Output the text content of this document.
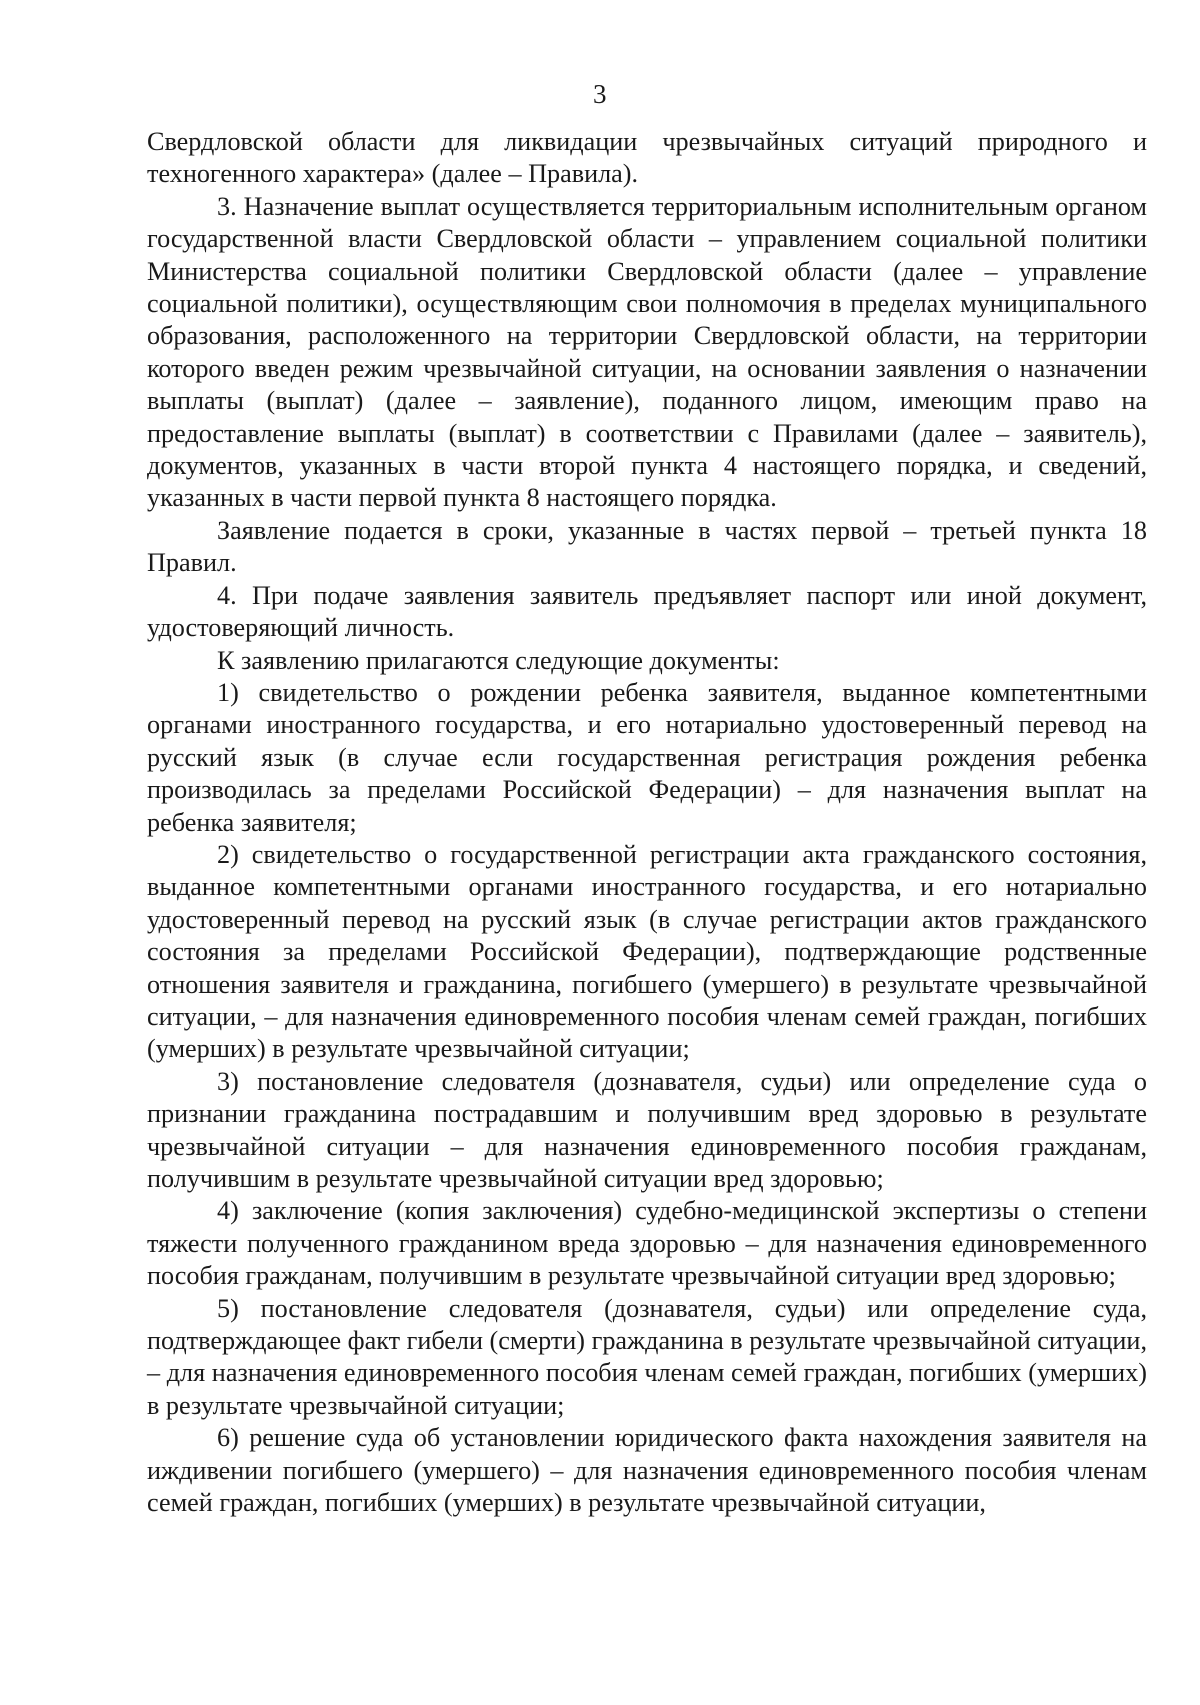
3

Свердловской области для ликвидации чрезвычайных ситуаций природного и техногенного характера» (далее – Правила).

3. Назначение выплат осуществляется территориальным исполнительным органом государственной власти Свердловской области – управлением социальной политики Министерства социальной политики Свердловской области (далее – управление социальной политики), осуществляющим свои полномочия в пределах муниципального образования, расположенного на территории Свердловской области, на территории которого введен режим чрезвычайной ситуации, на основании заявления о назначении выплаты (выплат) (далее – заявление), поданного лицом, имеющим право на предоставление выплаты (выплат) в соответствии с Правилами (далее – заявитель), документов, указанных в части второй пункта 4 настоящего порядка, и сведений, указанных в части первой пункта 8 настоящего порядка.

Заявление подается в сроки, указанные в частях первой – третьей пункта 18 Правил.

4. При подаче заявления заявитель предъявляет паспорт или иной документ, удостоверяющий личность.

К заявлению прилагаются следующие документы:

1) свидетельство о рождении ребенка заявителя, выданное компетентными органами иностранного государства, и его нотариально удостоверенный перевод на русский язык (в случае если государственная регистрация рождения ребенка производилась за пределами Российской Федерации) – для назначения выплат на ребенка заявителя;

2) свидетельство о государственной регистрации акта гражданского состояния, выданное компетентными органами иностранного государства, и его нотариально удостоверенный перевод на русский язык (в случае регистрации актов гражданского состояния за пределами Российской Федерации), подтверждающие родственные отношения заявителя и гражданина, погибшего (умершего) в результате чрезвычайной ситуации, – для назначения единовременного пособия членам семей граждан, погибших (умерших) в результате чрезвычайной ситуации;

3) постановление следователя (дознавателя, судьи) или определение суда о признании гражданина пострадавшим и получившим вред здоровью в результате чрезвычайной ситуации – для назначения единовременного пособия гражданам, получившим в результате чрезвычайной ситуации вред здоровью;

4) заключение (копия заключения) судебно-медицинской экспертизы о степени тяжести полученного гражданином вреда здоровью – для назначения единовременного пособия гражданам, получившим в результате чрезвычайной ситуации вред здоровью;

5) постановление следователя (дознавателя, судьи) или определение суда, подтверждающее факт гибели (смерти) гражданина в результате чрезвычайной ситуации, – для назначения единовременного пособия членам семей граждан, погибших (умерших) в результате чрезвычайной ситуации;

6) решение суда об установлении юридического факта нахождения заявителя на иждивении погибшего (умершего) – для назначения единовременного пособия членам семей граждан, погибших (умерших) в результате чрезвычайной ситуации,
